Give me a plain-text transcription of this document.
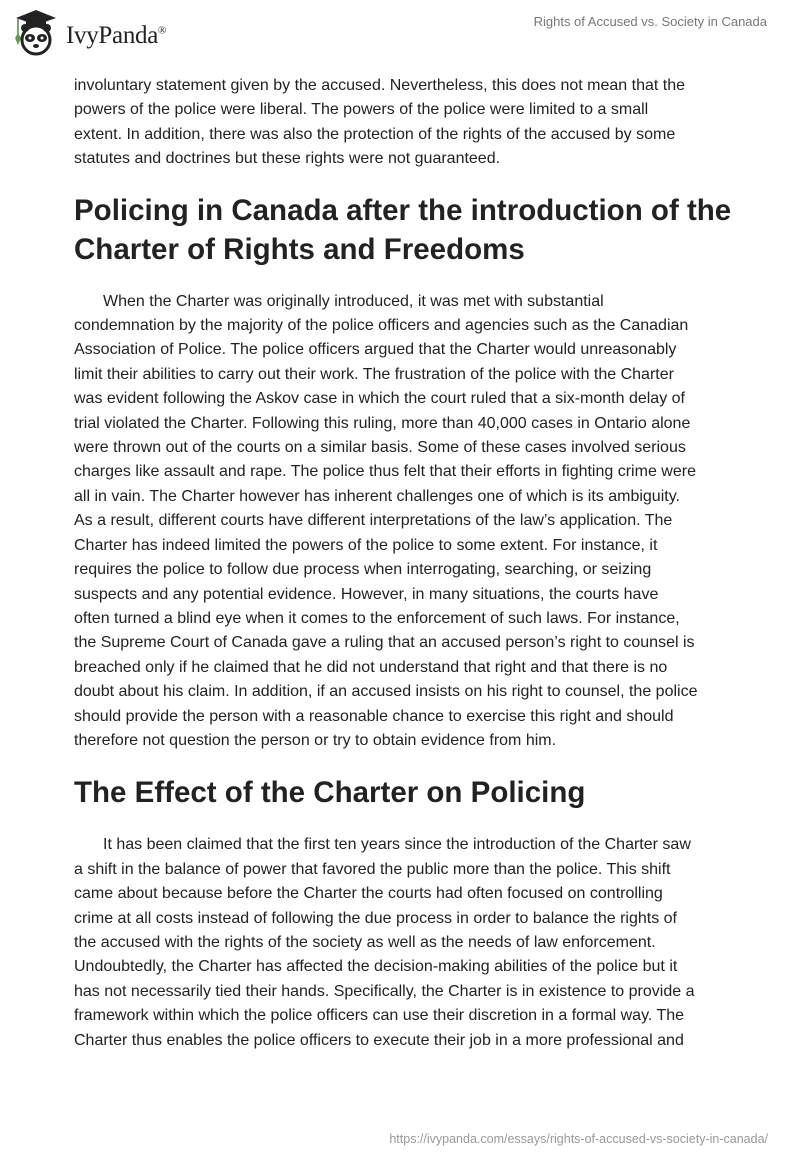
IvyPanda®
Rights of Accused vs. Society in Canada
involuntary statement given by the accused. Nevertheless, this does not mean that the
powers of the police were liberal. The powers of the police were limited to a small
extent. In addition, there was also the protection of the rights of the accused by some
statutes and doctrines but these rights were not guaranteed.
Policing in Canada after the introduction of the
Charter of Rights and Freedoms
When the Charter was originally introduced, it was met with substantial
condemnation by the majority of the police officers and agencies such as the Canadian
Association of Police. The police officers argued that the Charter would unreasonably
limit their abilities to carry out their work. The frustration of the police with the Charter
was evident following the Askov case in which the court ruled that a six-month delay of
trial violated the Charter. Following this ruling, more than 40,000 cases in Ontario alone
were thrown out of the courts on a similar basis. Some of these cases involved serious
charges like assault and rape. The police thus felt that their efforts in fighting crime were
all in vain. The Charter however has inherent challenges one of which is its ambiguity.
As a result, different courts have different interpretations of the law’s application. The
Charter has indeed limited the powers of the police to some extent. For instance, it
requires the police to follow due process when interrogating, searching, or seizing
suspects and any potential evidence. However, in many situations, the courts have
often turned a blind eye when it comes to the enforcement of such laws. For instance,
the Supreme Court of Canada gave a ruling that an accused person’s right to counsel is
breached only if he claimed that he did not understand that right and that there is no
doubt about his claim. In addition, if an accused insists on his right to counsel, the police
should provide the person with a reasonable chance to exercise this right and should
therefore not question the person or try to obtain evidence from him.
The Effect of the Charter on Policing
It has been claimed that the first ten years since the introduction of the Charter saw
a shift in the balance of power that favored the public more than the police. This shift
came about because before the Charter the courts had often focused on controlling
crime at all costs instead of following the due process in order to balance the rights of
the accused with the rights of the society as well as the needs of law enforcement.
Undoubtedly, the Charter has affected the decision-making abilities of the police but it
has not necessarily tied their hands. Specifically, the Charter is in existence to provide a
framework within which the police officers can use their discretion in a formal way. The
Charter thus enables the police officers to execute their job in a more professional and
https://ivypanda.com/essays/rights-of-accused-vs-society-in-canada/
